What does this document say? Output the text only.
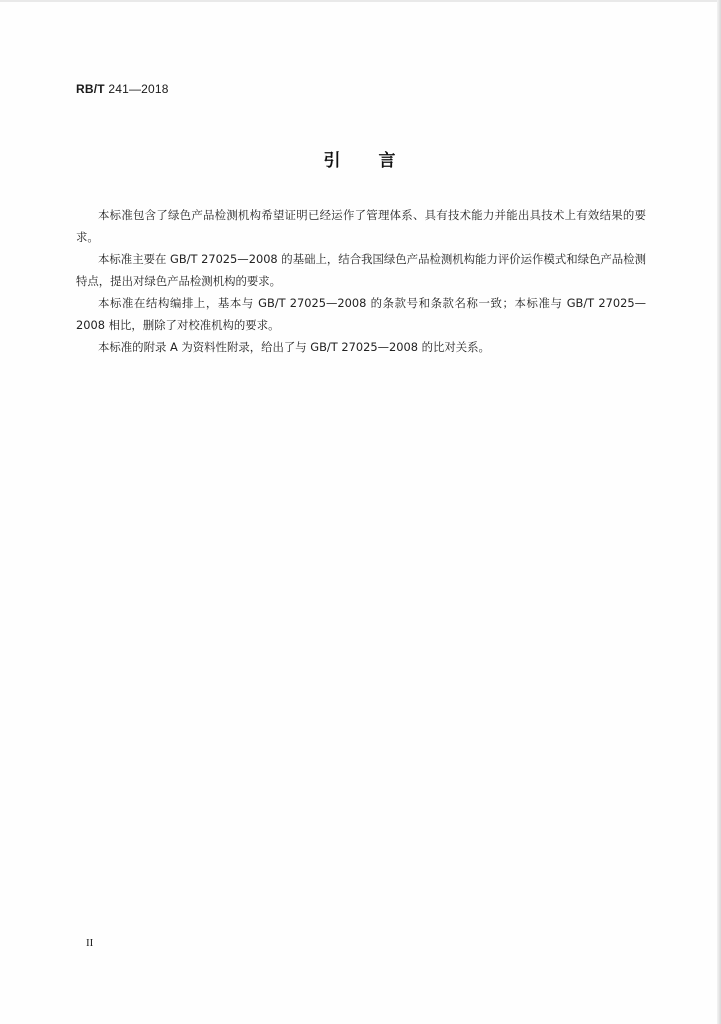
RB/T 241—2018
引言

本标准包含了绿色产品检测机构希望证明已经运作了管理体系、具有技术能力并能出具技术上有效结果的要求。

本标准主要在 GB/T 27025—2008 的基础上，结合我国绿色产品检测机构能力评价运作模式和绿色产品检测特点，提出对绿色产品检测机构的要求。

本标准在结构编排上，基本与 GB/T 27025—2008 的条款号和条款名称一致；本标准与 GB/T 27025—2008 相比，删除了对校准机构的要求。

本标准的附录 A 为资料性附录，给出了与 GB/T 27025—2008 的比对关系。

II
